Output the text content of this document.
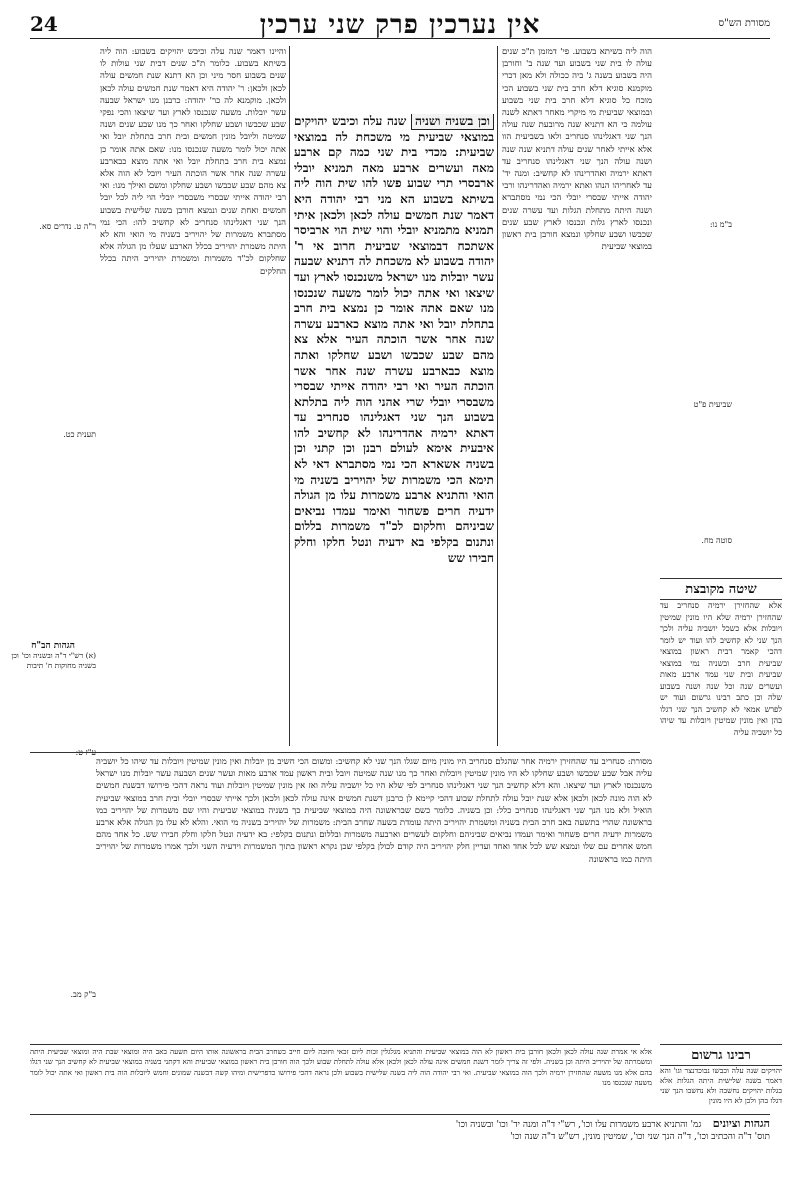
24	אין נערכין פרק שני ערכין	מסורת הש"ס
הוה ליה בשיתא בשבוע. פי' דמזמן ת"כ שנים עולה לו בית שני בשבוע ועד שנה ב' וחורבן היה בשבוע בשנה ג' ביה ככולה ולא מאן דכרי מוקמנא סוגיא דלא חרב בית שני בשבוע הכי מוכח כל סוגיא דלא חרב בית שני בשבוע ובמוצאי שביעית מי מיקרי מאחר דאתא לשנה עולמה כי הא דתניא שנה מרובעת שנה עולה הנך שני דאגלינהו סנחריב ולאו בשביעית הוו אלא אייתי לאחר שנים עולה דתניא שנה שנה ושנה עולה הנך שני דאגלינהו סנחריב עד דאתא ירמיה ואהדרינהו לא קחשיב: ומנה יד' עד לאחריהו הנהו ואתא ירמיה ואהדרינהו ורבי יהודה אייתי שבסרי יובלי הכי נמי מסתברא ושנה היתה מתחלת הגלות ועד עשרה שנים ונכנסו לארץ גלות ונכנסו לארץ שבע שנים שכבשו ושבע שחלקו ונמצא חורבן בית ראשון במוצאי שביעית
וכן בשניה ושניה שנה עלה וכיבש יהויקים במוצאי שביעית מי משכחת לה במוצאי שביעית: מכדי בית שני כמה קם ארבע מאה ועשרים ארבע מאה תמניא יובלי ארבסרי תרי שבוע פשו להו שית הוה ליה בשיתא בשבוע הא מני רבי יהודה היא דאמר שנת חמשים עולה לכאן ולכאן איתי תמניא מתמניא יובלי והוי שית הוי ארביסר אשתכח דבמוצאי שביעית חרוב אי ר' יהודה בשבוע לא משכחת לה דתניא שבעה עשר יובלות מנו ישראל משנכנסו לארץ ועד שיצאו ואי אתה יכול לומר משעה שנכנסו מנו שאם אתה אומר כן נמצא בית חרב בתחלת יובל ואי אתה מוצא כארבע עשרה שנה אחר אשר הוכתה העיר אלא צא מהם שבע שכבשו ושבע שחלקו ואתה מוצא כבארבע עשרה שנה אחר אשר הוכתה העיר ואי רבי יהודה אייתי שבסרי משבסרי יובלי שרי אהני הוה ליה בתלתא בשבוע הנך שני דאגלינהו סנחריב עד דאתא ירמיה אהדרינהו לא קחשיב להו איבעית אימא לעולם רבנן וכן קתני וכן בשניה אשארא הכי נמי מסתברא דאי לא תימא הכי משמרות של יהויריב בשניה מי הואי והתניא ארבע משמרות עלו מן הגולה ידעיה חרים פשחור ואימר עמדו נביאים שביניהם וחלקום לכ"ד משמרות בללום ונתנום בקלפי בא ידעיה ונטל חלקו וחלק חבירו שש
והיינו דאמר שנה עלה וכיבש יהויקים בשבוע: הוה ליה בשיתא בשבוע. כלומר ת"כ שנים דבית שני עולות לו שנים בשבוע חסר מיני וכן הא דתנא שנת חמשים עולה לכאן ולכאן: ר' יהודה היא דאמר שנת חמשים עולה לכאן ולכאן. מוקמנא לה כר' יהודה: כרבנן מנו ישראל שבעה עשר יובלות. משעה שנכנסו לארץ ועד שיצאו והכי נפקי שבע שכבשו ושבע שחלקו ואחר כך מנו שבע שנים ושנה שמיטה וליובל מונין חמשים ובית חרב בתחלת יובל ואי אתה יכול לומר משעה שנכנסו מנו: שאם אתה אומר כן נמצא בית חרב בתחלת יובל ואי אתה מוצא כבארבע עשרה שנה אחר אשר הוכתה העיר ויובל לא הוה אלא צא מהם שבע שכבשו ושבע שחלקו ומשם ואילך מנו: ואי רבי יהודה אייתי שבסרי משבסרי יובלי הוי ליה לכל יובל חמשים ואחת שנים ונמצא חורבן בשנה שלישית בשבוע הנך שני דאגלינהו סנחריב לא קחשיב להו: הכי נמי מסתברא משמרות של יהויריב בשניה מי הואי והא לא היתה משמרת יהויריב בכלל הארבע שעלו מן הגולה אלא שחלקום לכ"ד משמרות ומשמרת יהויריב היתה בכלל החלקים
ב"מ נו:
שביעית פ"ט
ר"ה ט. נדרים סא.
תענית כט.
סוטה מח.
ע"ז ט:
ב"ק מב.
הגהות הב"ח
(א) רש"י ד"ה ובשניה וכו' וכן בשניה מחוקות ח' תיבות
שיטה מקובצת
אלא שהחזירן ירמיה סנחריב עד שהחזירן ירמיה שלא היו מונין שמיטין ויובלות אלא כשכל יושביה עליה ולכך הנך שני לא קחשיב להו ועוד יש לומר דהכי קאמר דבית ראשון במוצאי שביעית חרב ובשניה נמי במוצאי שביעית ובית שני עמד ארבע מאות ועשרים שנה וכל שנה ושנה בשבוע שלה וכן כתב רבינו גרשום ועוד יש לפרש אמאי לא קחשיב הנך שני דגלו בהן ואין מונין שמיטין ויובלות עד שיהו כל יושביה עליה
מסורת: סנחריב עד שהחזירן ירמיה אחר שהגלם סנחריב היו מונין מיום שגלו הנך שני לא קחשיב: ומשום הכי חשיב מן יובלות ואין מונין שמיטין ויובלות עד שיהו כל יושביה עליה אבל שבע שכבשו ושבע שחלקו לא היו מונין שמיטין ויובלות ואחר כך מנו שנה שמיטה ויובל ובית ראשון עמד ארבע מאות ועשר שנים ושבעה עשר יובלות מנו ישראל משנכנסו לארץ ועד שיצאו. והא דלא קחשיב הנך שני דאגלינהו סנחריב לפי שלא היו כל יושביה עליה ואז אין מונין שמיטין ויובלות ועוד נראה דהכי פירושו דבשנת חמשים לא הוה מונה לכאן ולכאן אלא שנת יובל עולה לתחלת שבוע דהכי קיימא לן כרבנן דשנת חמשים אינה עולה לכאן ולכאן ולכך אייתי שבסרי יובלי ובית חרב במוצאי שביעית הואיל ולא מנו הנך שני דאגלינהו סנחריב כלל: וכן בשניה. כלומר כשם שבראשונה היה במוצאי שביעית כך בשניה במוצאי שביעית והיו שם משמרות של יהויריב כמו בראשונה שהרי בתשעה באב חרב הבית בשניה ומשמרת יהויריב היתה עומדת בשעה שחרב הבית: משמרות של יהויריב בשניה מי הואי. והלא לא עלו מן הגולה אלא ארבע משמרות ידעיה חרים פשחור ואימר ועמדו נביאים שביניהם וחלקום לעשרים וארבעה משמרות ובללום ונתנום בקלפי: בא ידעיה ונטל חלקו וחלק חבירו שש. כל אחד מהם חמש אחרים עם שלו ונמצא שש לכל אחד ואחד ועדיין חלק יהויריב היה קודם לכולן בקלפי שכן נקרא ראשון בתוך המשמרות וידעיה השני ולכך אמרו משמרות של יהויריב היתה כמו בראשונה
רבינו גרשום
יהויקים שנה עלה וכבשו נבוכדנצר וגו' והא דאמר בשנה שלישית היתה הגלות אלא בגלות יהויקים נחשבה ולא נחשבו הנך שני דגלו בהן ולכן לא היו מונין
אלא אי אמרת שנה עולה לכאן ולכאן חורבן בית ראשון לא הוה במוצאי שביעית והתניא מגלגלין זכות ליום זכאי וחובה ליום חייב כשחרב הבית בראשונה אותו היום תשעה באב היה ומוצאי שבת היה ומוצאי שביעית היתה ומשמרתה של יהויריב היתה וכן בשניה. ולפי זה צריך לומר דשנת חמשים אינה עולה לכאן ולכאן אלא עולה לתחלת שבוע ולכך הוה חורבן בית ראשון במוצאי שביעית והא דקתני בשניה במוצאי שביעית לא קחשיב הנך שני דגלו בהם אלא מנו משעה שהחזירן ירמיה ולכך הוה במוצאי שביעית. ואי רבי יהודה הוה ליה בשנה שלישית בשבוע ולכן נראה דהכי פירושו כדפרישית ומיהו קשה דבשנה שמונים וחמש ליובלות הוה בית ראשון ואי אתה יכול לומר משעה שנכנסו מנו
הגהות וציונים    גמ' והתניא ארבע משמרות עלו וכו', רש"י ד"ה ומנה יד' וכו' ובשניה וכו'
תוס' ד"ה והכתיב וכו', ד"ה הנך שני וכו', שמיטין מונין, רש"ש ד"ה שנה וכו'
